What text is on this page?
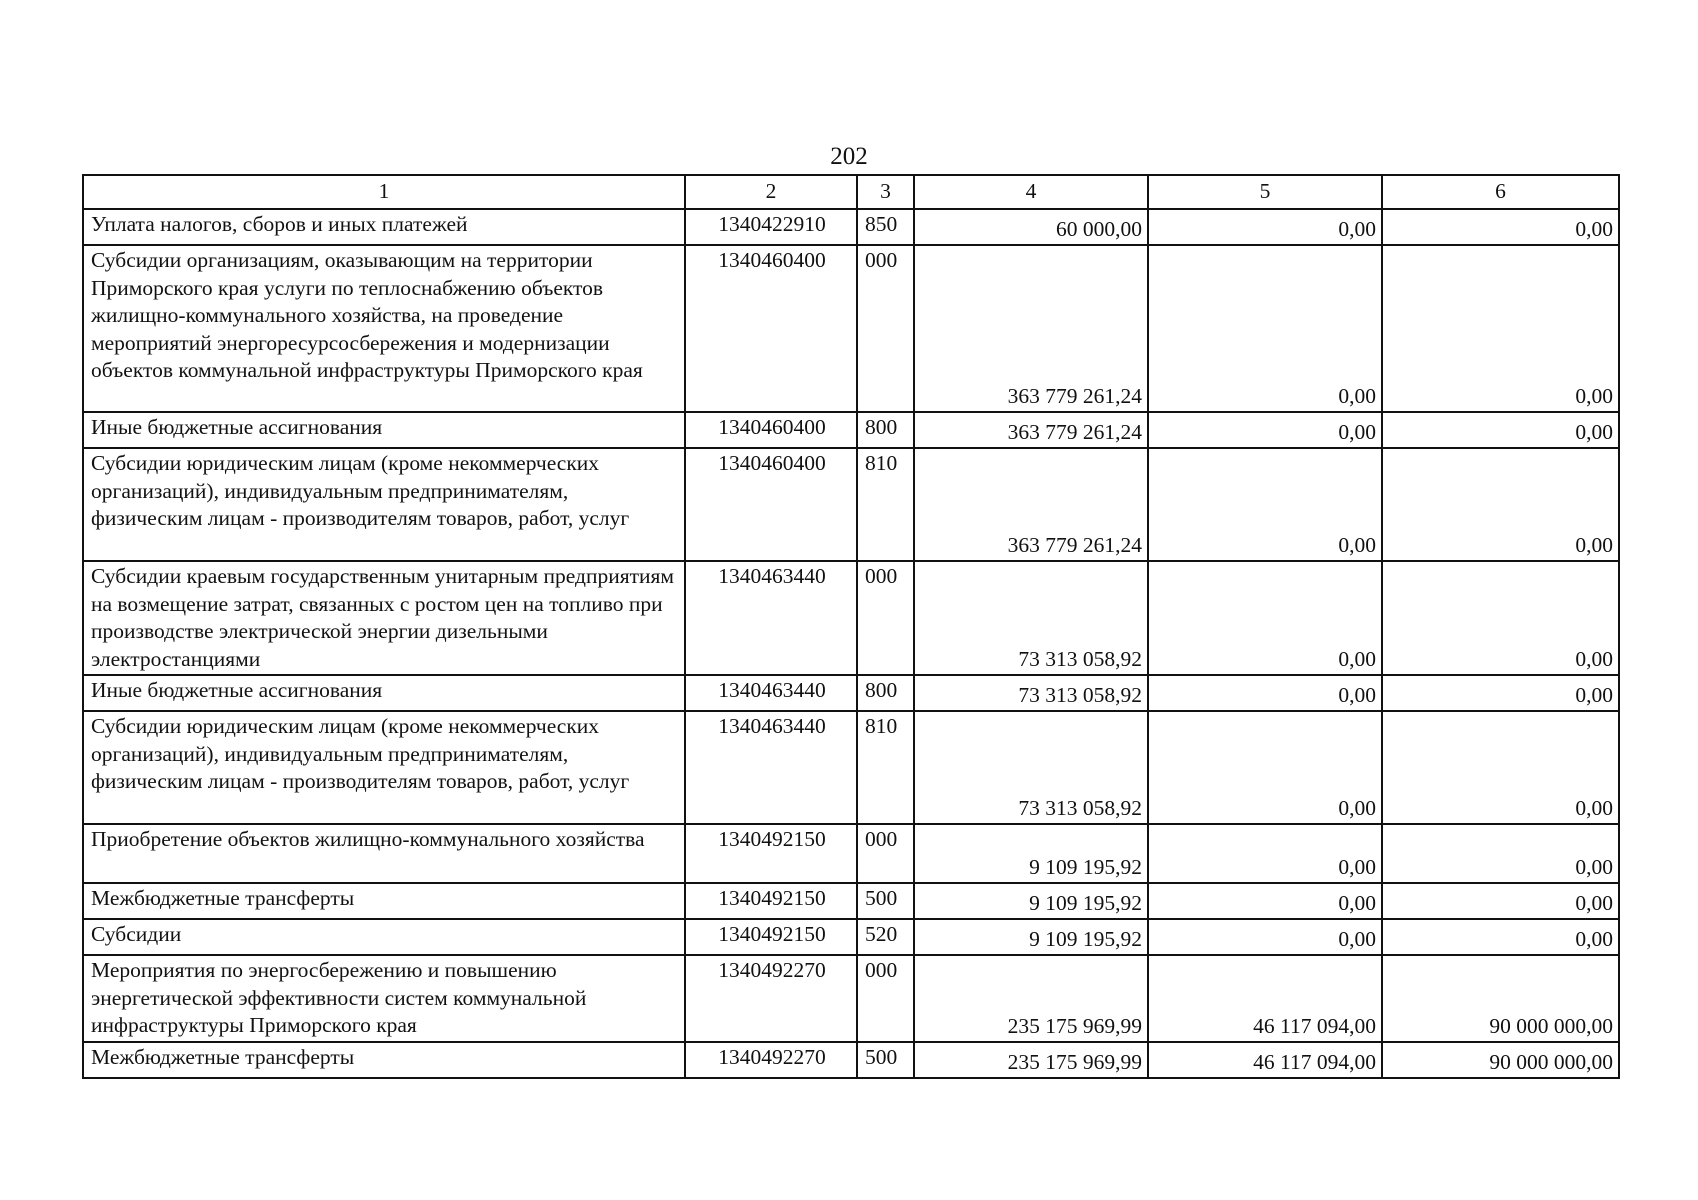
202
1	2	3	4	5	6
Уплата налогов, сборов и иных платежей	1340422910	850	60 000,00	0,00	0,00
Субсидии организациям, оказывающим на территории Приморского края услуги по теплоснабжению объектов жилищно-коммунального хозяйства, на проведение мероприятий энергоресурсосбережения и модернизации объектов коммунальной инфраструктуры Приморского края	1340460400	000	363 779 261,24	0,00	0,00
Иные бюджетные ассигнования	1340460400	800	363 779 261,24	0,00	0,00
Субсидии юридическим лицам (кроме некоммерческих организаций), индивидуальным предпринимателям, физическим лицам - производителям товаров, работ, услуг	1340460400	810	363 779 261,24	0,00	0,00
Субсидии краевым государственным унитарным предприятиям на возмещение затрат, связанных с ростом цен на топливо при производстве электрической энергии дизельными электростанциями	1340463440	000	73 313 058,92	0,00	0,00
Иные бюджетные ассигнования	1340463440	800	73 313 058,92	0,00	0,00
Субсидии юридическим лицам (кроме некоммерческих организаций), индивидуальным предпринимателям, физическим лицам - производителям товаров, работ, услуг	1340463440	810	73 313 058,92	0,00	0,00
Приобретение объектов жилищно-коммунального хозяйства	1340492150	000	9 109 195,92	0,00	0,00
Межбюджетные трансферты	1340492150	500	9 109 195,92	0,00	0,00
Субсидии	1340492150	520	9 109 195,92	0,00	0,00
Мероприятия по энергосбережению и повышению энергетической эффективности систем коммунальной инфраструктуры Приморского края	1340492270	000	235 175 969,99	46 117 094,00	90 000 000,00
Межбюджетные трансферты	1340492270	500	235 175 969,99	46 117 094,00	90 000 000,00
